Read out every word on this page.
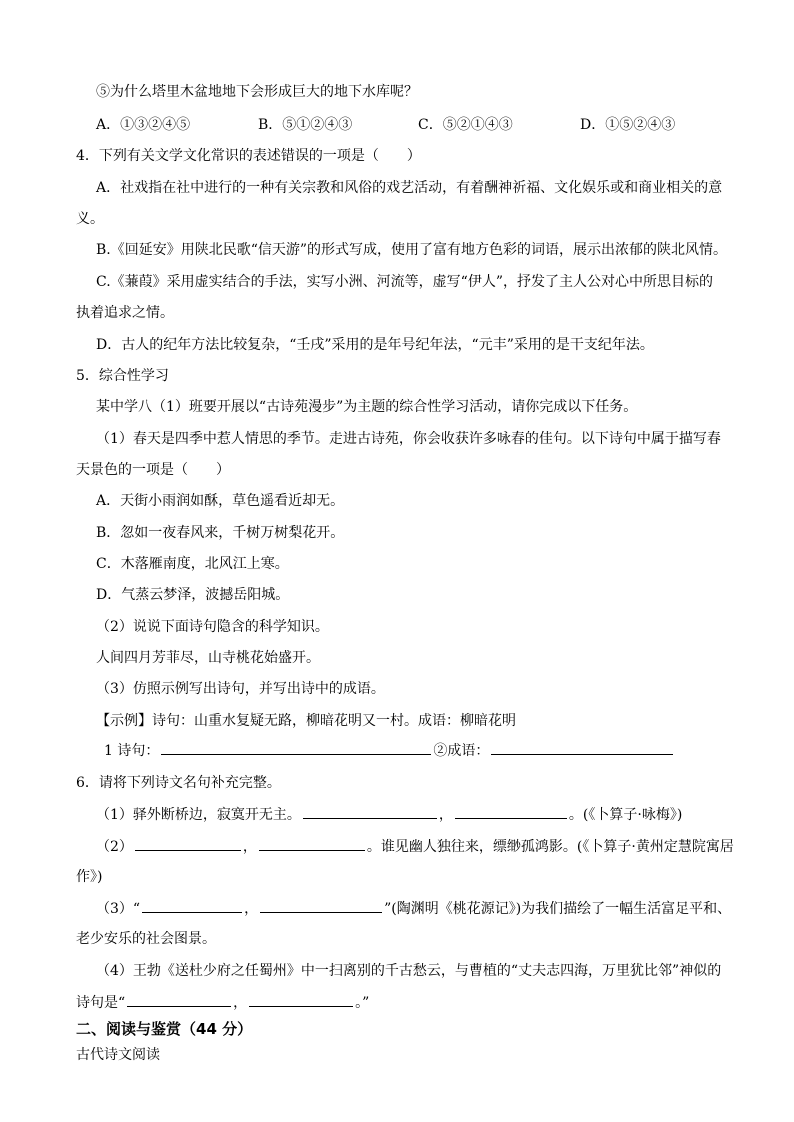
⑤为什么塔里木盆地地下会形成巨大的地下水库呢？
A．①③②④⑤	B．⑤①②④③	C．⑤②①④③	D．①⑤②④③
4．下列有关文学文化常识的表述错误的一项是（　　）
A．社戏指在社中进行的一种有关宗教和风俗的戏艺活动，有着酬神祈福、文化娱乐或和商业相关的意
义。
B.《回延安》用陕北民歌“信天游”的形式写成，使用了富有地方色彩的词语，展示出浓郁的陕北风情。
C.《蒹葭》采用虚实结合的手法，实写小洲、河流等，虚写“伊人”，抒发了主人公对心中所思目标的
执着追求之情。
D．古人的纪年方法比较复杂，“壬戌”采用的是年号纪年法，“元丰”采用的是干支纪年法。
5．综合性学习
某中学八（1）班要开展以“古诗苑漫步”为主题的综合性学习活动，请你完成以下任务。
（1）春天是四季中惹人情思的季节。走进古诗苑，你会收获许多咏春的佳句。以下诗句中属于描写春
天景色的一项是（　　）
A．天街小雨润如酥，草色遥看近却无。
B．忽如一夜春风来，千树万树梨花开。
C．木落雁南度，北风江上寒。
D．气蒸云梦泽，波撼岳阳城。
（2）说说下面诗句隐含的科学知识。
人间四月芳菲尽，山寺桃花始盛开。
（3）仿照示例写出诗句，并写出诗中的成语。
【示例】诗句：山重水复疑无路，柳暗花明又一村。成语：柳暗花明
1 诗句：	②成语：
6．请将下列诗文名句补充完整。
（1）驿外断桥边，寂寞开无主。	，	。(《卜算子·咏梅》)
（2）	，	。谁见幽人独往来，缥缈孤鸿影。(《卜算子·黄州定慧院寓居
作》)
（3）“	，	”(陶渊明《桃花源记》)为我们描绘了一幅生活富足平和、
老少安乐的社会图景。
（4）王勃《送杜少府之任蜀州》中一扫离别的千古愁云，与曹植的“丈夫志四海，万里犹比邻”神似的
诗句是“	，	。”
二、阅读与鉴赏（44 分）
古代诗文阅读
